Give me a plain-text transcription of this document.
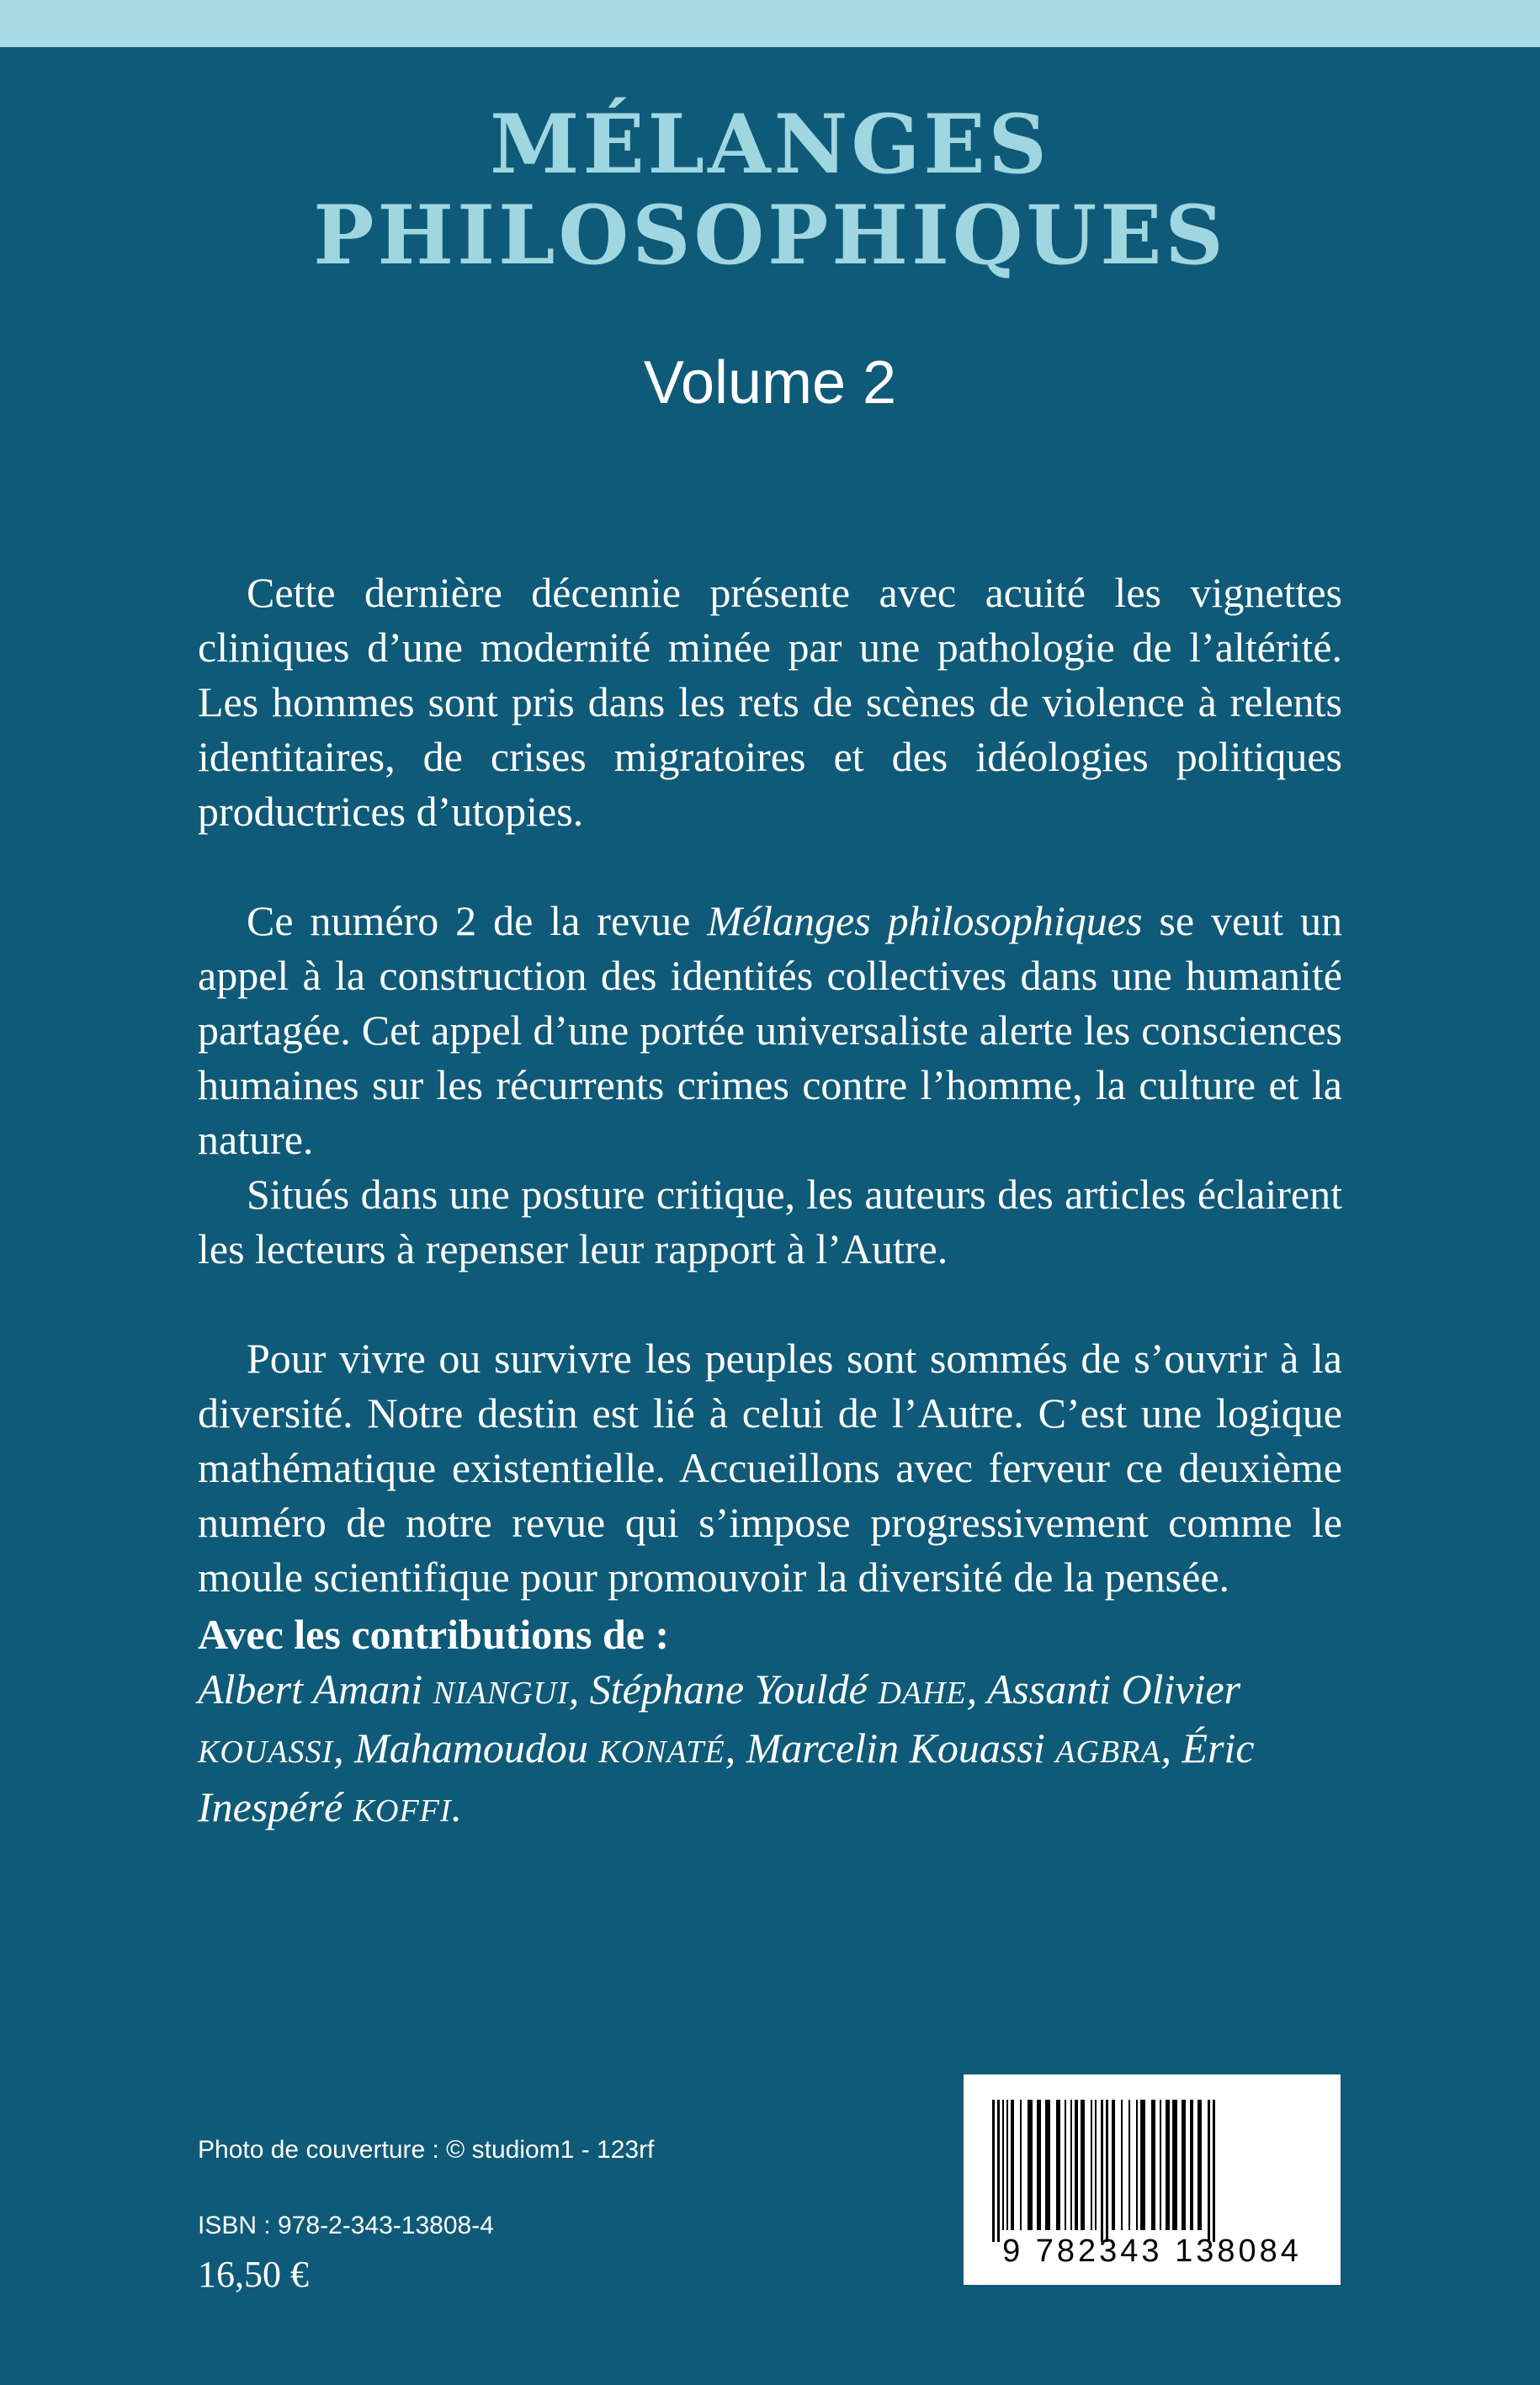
MÉLANGES
PHILOSOPHIQUES
Volume 2

Cette dernière décennie présente avec acuité les vignettes cliniques d’une modernité minée par une pathologie de l’altérité. Les hommes sont pris dans les rets de scènes de violence à relents identitaires, de crises migratoires et des idéologies politiques productrices d’utopies.

Ce numéro 2 de la revue Mélanges philosophiques se veut un appel à la construction des identités collectives dans une humanité partagée. Cet appel d’une portée universaliste alerte les consciences humaines sur les récurrents crimes contre l’homme, la culture et la nature.

Situés dans une posture critique, les auteurs des articles éclairent les lecteurs à repenser leur rapport à l’Autre.

Pour vivre ou survivre les peuples sont sommés de s’ouvrir à la diversité. Notre destin est lié à celui de l’Autre. C’est une logique mathématique existentielle. Accueillons avec ferveur ce deuxième numéro de notre revue qui s’impose progressivement comme le moule scientifique pour promouvoir la diversité de la pensée.

Avec les contributions de :
Albert Amani NIANGUI, Stéphane Youldé DAHE, Assanti Olivier KOUASSI, Mahamoudou KONATÉ, Marcelin Kouassi AGBRA, Éric Inespéré KOFFI.
Photo de couverture : © studiom1 - 123rf
ISBN : 978-2-343-13808-4
16,50 €
9 782343 138084
